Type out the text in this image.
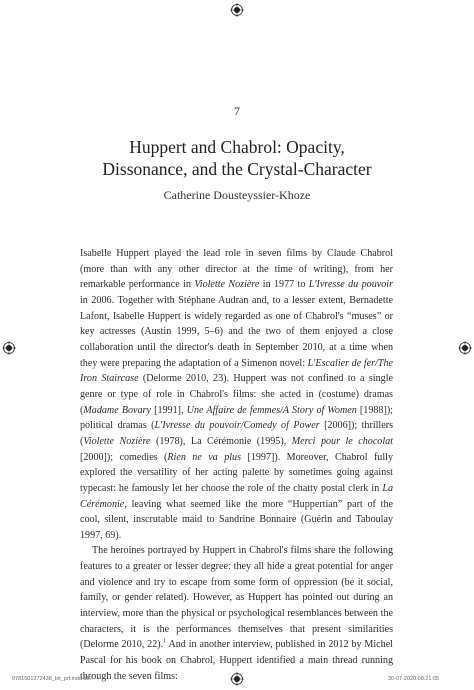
7
Huppert and Chabrol: Opacity,
Dissonance, and the Crystal-Character
Catherine Dousteyssier-Khoze

Isabelle Huppert played the lead role in seven films by Claude Chabrol (more than with any other director at the time of writing), from her remarkable performance in Violette Nozière in 1977 to L'Ivresse du pouvoir in 2006. Together with Stéphane Audran and, to a lesser extent, Bernadette Lafont, Isabelle Huppert is widely regarded as one of Chabrol's “muses” or key actresses (Austin 1999, 5–6) and the two of them enjoyed a close collaboration until the director's death in September 2010, at a time when they were preparing the adaptation of a Simenon novel: L'Escalier de fer/The Iron Staircase (Delorme 2010, 23). Huppert was not confined to a single genre or type of role in Chabrol's films: she acted in (costume) dramas (Madame Bovary [1991], Une Affaire de femmes/A Story of Women [1988]); political dramas (L'Ivresse du pouvoir/Comedy of Power [2006]); thrillers (Violette Nozière (1978), La Cérémonie (1995), Merci pour le chocolat [2000]); comedies (Rien ne va plus [1997]). Moreover, Chabrol fully explored the versatility of her acting palette by sometimes going against typecast: he famously let her choose the role of the chatty postal clerk in La Cérémonie, leaving what seemed like the more “Huppertian” part of the cool, silent, inscrutable maid to Sandrine Bonnaire (Guérin and Taboulay 1997, 69).

The heroines portrayed by Huppert in Chabrol's films share the following features to a greater or lesser degree: they all hide a great potential for anger and violence and try to escape from some form of oppression (be it social, family, or gender related). However, as Huppert has pointed out during an interview, more than the physical or psychological resemblances between the characters, it is the performances themselves that present similarities (Delorme 2010, 22).$^1$ And in another interview, published in 2012 by Michel Pascal for his book on Chabrol, Huppert identified a main thread running through the seven films:

9781501372438_txt_prf.indd 157	30-07-2020 08:21:05
